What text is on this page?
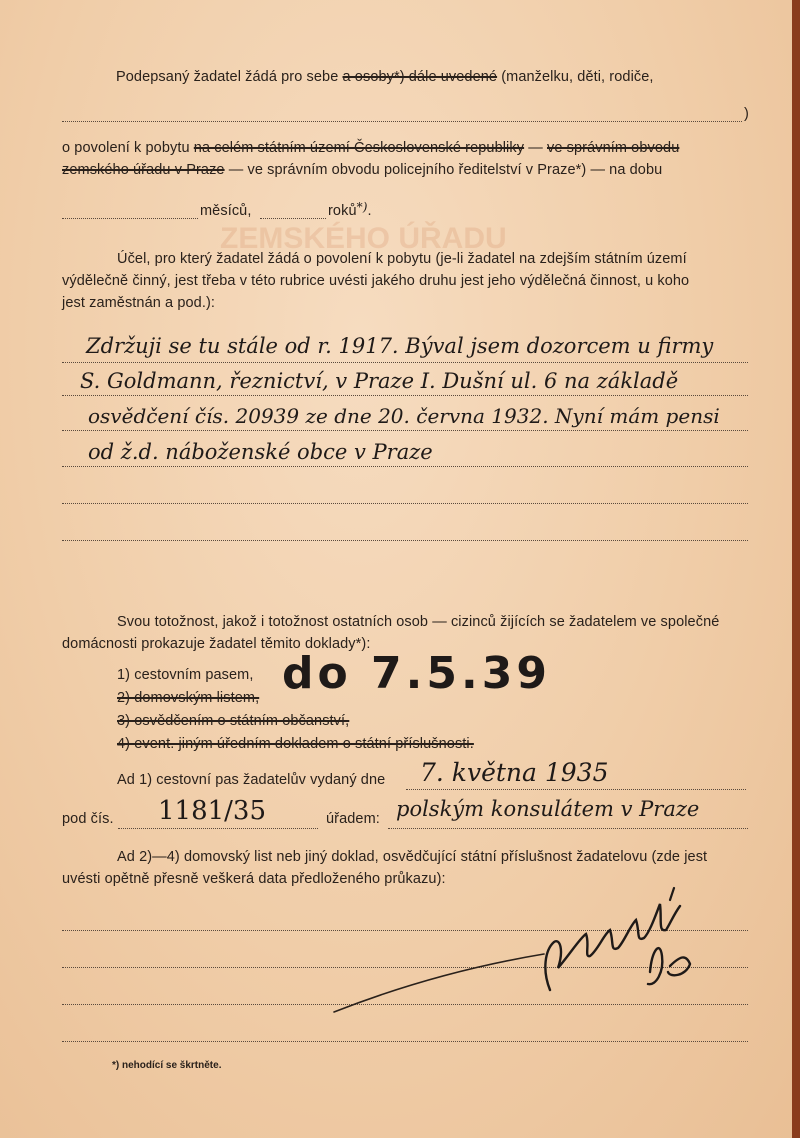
ZEMSKÉHO ÚŘADU
Podepsaný žadatel žádá pro sebe a osoby*) dále uvedené (manželku, děti, rodiče,
)
o povolení k pobytu na celém státním území Československé republiky — ve správním obvodu
zemského úřadu v Praze — ve správním obvodu policejního ředitelství v Praze*) — na dobu
měsíců,	roků*).
Účel, pro který žadatel žádá o povolení k pobytu (je-li žadatel na zdejším státním území
výdělečně činný, jest třeba v této rubrice uvésti jakého druhu jest jeho výdělečná činnost, u koho
jest zaměstnán a pod.):
Zdržuji se tu stále od r. 1917. Býval jsem dozorcem u firmy
S. Goldmann, řeznictví, v Praze I. Dušní ul. 6 na základě
osvědčení čís. 20939 ze dne 20. června 1932. Nyní mám pensi
od ž.d. náboženské obce v Praze
Svou totožnost, jakož i totožnost ostatních osob — cizinců žijících se žadatelem ve společné
domácnosti prokazuje žadatel těmito doklady*):
1) cestovním pasem,
2) domovským listem,
3) osvědčením o státním občanství,
4) event. jiným úředním dokladem o státní příslušnosti.
do 7.5.39
Ad 1) cestovní pas žadatelův vydaný dne 7. května 1935
pod čís. 1181/35	úřadem: polským konsulátem v Praze
Ad 2)—4) domovský list neb jiný doklad, osvědčující státní příslušnost žadatelovu (zde jest
uvésti opětně přesně veškerá data předloženého průkazu):
*) nehodící se škrtněte.
